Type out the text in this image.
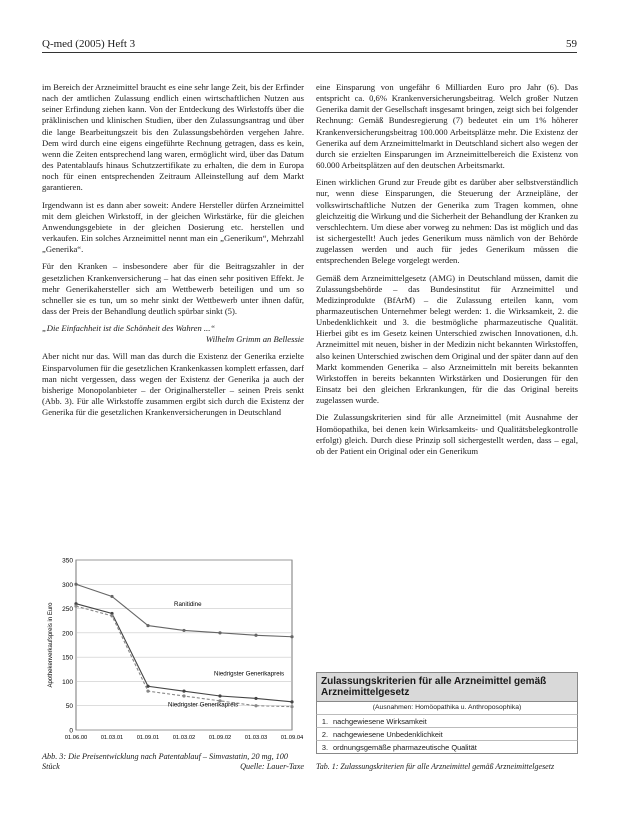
Q-med (2005) Heft 3	59

im Bereich der Arzneimittel braucht es eine sehr lange Zeit, bis der Erfinder nach der amtlichen Zulassung endlich einen wirtschaftlichen Nutzen aus seiner Erfindung ziehen kann. Von der Entdeckung des Wirkstoffs über die präklinischen und klinischen Studien, über den Zulassungsantrag und über die lange Bearbeitungszeit bis den Zulassungsbehörden vergehen Jahre. Dem wird durch eine eigens eingeführte Rechnung getragen, dass es kein, wenn die Zeiten entsprechend lang waren, ermöglicht wird, über das Datum des Patentablaufs hinaus Schutzzertifikate zu erhalten, die dem in Europa noch für einen entsprechenden Zeitraum Alleinstellung auf dem Markt garantieren.

Irgendwann ist es dann aber soweit: Andere Hersteller dürfen Arzneimittel mit dem gleichen Wirkstoff, in der gleichen Wirkstärke, für die gleichen Anwendungsgebiete in der gleichen Dosierung etc. herstellen und verkaufen. Ein solches Arzneimittel nennt man ein „Generikum“, Mehrzahl „Generika“.

Für den Kranken – insbesondere aber für die Beitragszahler in der gesetzlichen Krankenversicherung – hat das einen sehr positiven Effekt. Je mehr Generikahersteller sich am Wettbewerb beteiligen und um so schneller sie es tun, um so mehr sinkt der Wettbewerb unter ihnen dafür, dass der Preis der Behandlung deutlich spürbar sinkt (5).

„Die Einfachheit ist die Schönheit des Wahren ...“
Wilhelm Grimm an Bellessie

Aber nicht nur das. Will man das durch die Existenz der Generika erzielte Einsparvolumen für die gesetzlichen Krankenkassen komplett erfassen, darf man nicht vergessen, dass wegen der Existenz der Generika ja auch der bisherige Monopolanbieter – der Originalhersteller – seinen Preis senkt (Abb. 3). Für alle Wirkstoffe zusammen ergibt sich durch die Existenz der Generika für die gesetzlichen Krankenversicherungen in Deutschland

eine Einsparung von ungefähr 6 Milliarden Euro pro Jahr (6). Das entspricht ca. 0,6% Krankenversicherungsbeitrag. Welch großer Nutzen Generika damit der Gesellschaft insgesamt bringen, zeigt sich bei folgender Rechnung: Gemäß Bundesregierung (7) bedeutet ein um 1% höherer Krankenversicherungsbeitrag 100.000 Arbeitsplätze mehr. Die Existenz der Generika auf dem Arzneimittelmarkt in Deutschland sichert also wegen der durch sie erzielten Einsparungen im Arzneimittelbereich die Existenz von 60.000 Arbeitsplätzen auf den deutschen Arbeitsmarkt.

Einen wirklichen Grund zur Freude gibt es darüber aber selbstverständlich nur, wenn diese Einsparungen, die Steuerung der Arzneipläne, der volkswirtschaftliche Nutzen der Generika zum Tragen kommen, ohne gleichzeitig die Wirkung und die Sicherheit der Behandlung der Kranken zu verschlechtern. Um diese aber vorweg zu nehmen: Das ist möglich und das ist sichergestellt! Auch jedes Generikum muss nämlich von der Behörde zugelassen werden und auch für jedes Generikum müssen die entsprechenden Belege vorgelegt werden.

Gemäß dem Arzneimittelgesetz (AMG) in Deutschland müssen, damit die Zulassungsbehörde – das Bundesinstitut für Arzneimittel und Medizinprodukte (BfArM) – die Zulassung erteilen kann, vom pharmazeutischen Unternehmer belegt werden: 1. die Wirksamkeit, 2. die Unbedenklichkeit und 3. die bestmögliche pharmazeutische Qualität. Hierbei gibt es im Gesetz keinen Unterschied zwischen Innovationen, d.h. Arzneimittel mit neuen, bisher in der Medizin nicht bekannten Wirkstoffen, also keinen Unterschied zwischen dem Original und der später dann auf den Markt kommenden Generika – also Arzneimitteln mit bereits bekannten Wirkstoffen in bereits bekannten Wirkstärken und Dosierungen für den Einsatz bei den gleichen Erkrankungen, für die das Original bereits zugelassen wurde.

Die Zulassungskriterien sind für alle Arzneimittel (mit Ausnahme der Homöopathika, bei denen kein Wirksamkeits- und Qualitätsbelegkontrolle erfolgt) gleich. Durch diese Prinzip soll sichergestellt werden, dass – egal, ob der Patient ein Original oder ein Generikum

0
50
100
150
200
250
300
350
01.06.00 01.03.01 01.09.01 01.03.02 01.09.02 01.03.03 01.09.04
Apothekenverkaufspreis in Euro	Ranitidine
Niedrigster Generikapreis
Niedrigster Generikapreis
Abb. 3: Die Preisentwicklung nach Patentablauf – Simvastatin, 20 mg, 100 Stück	Quelle: Lauer-Taxe
Zulassungskriterien für alle Arzneimittel gemäß Arzneimittelgesetz
(Ausnahmen: Homöopathika u. Anthroposophika)
1. nachgewiesene Wirksamkeit
2. nachgewiesene Unbedenklichkeit
3. ordnungsgemäße pharmazeutische Qualität
Tab. 1: Zulassungskriterien für alle Arzneimittel gemäß Arzneimittelgesetz
